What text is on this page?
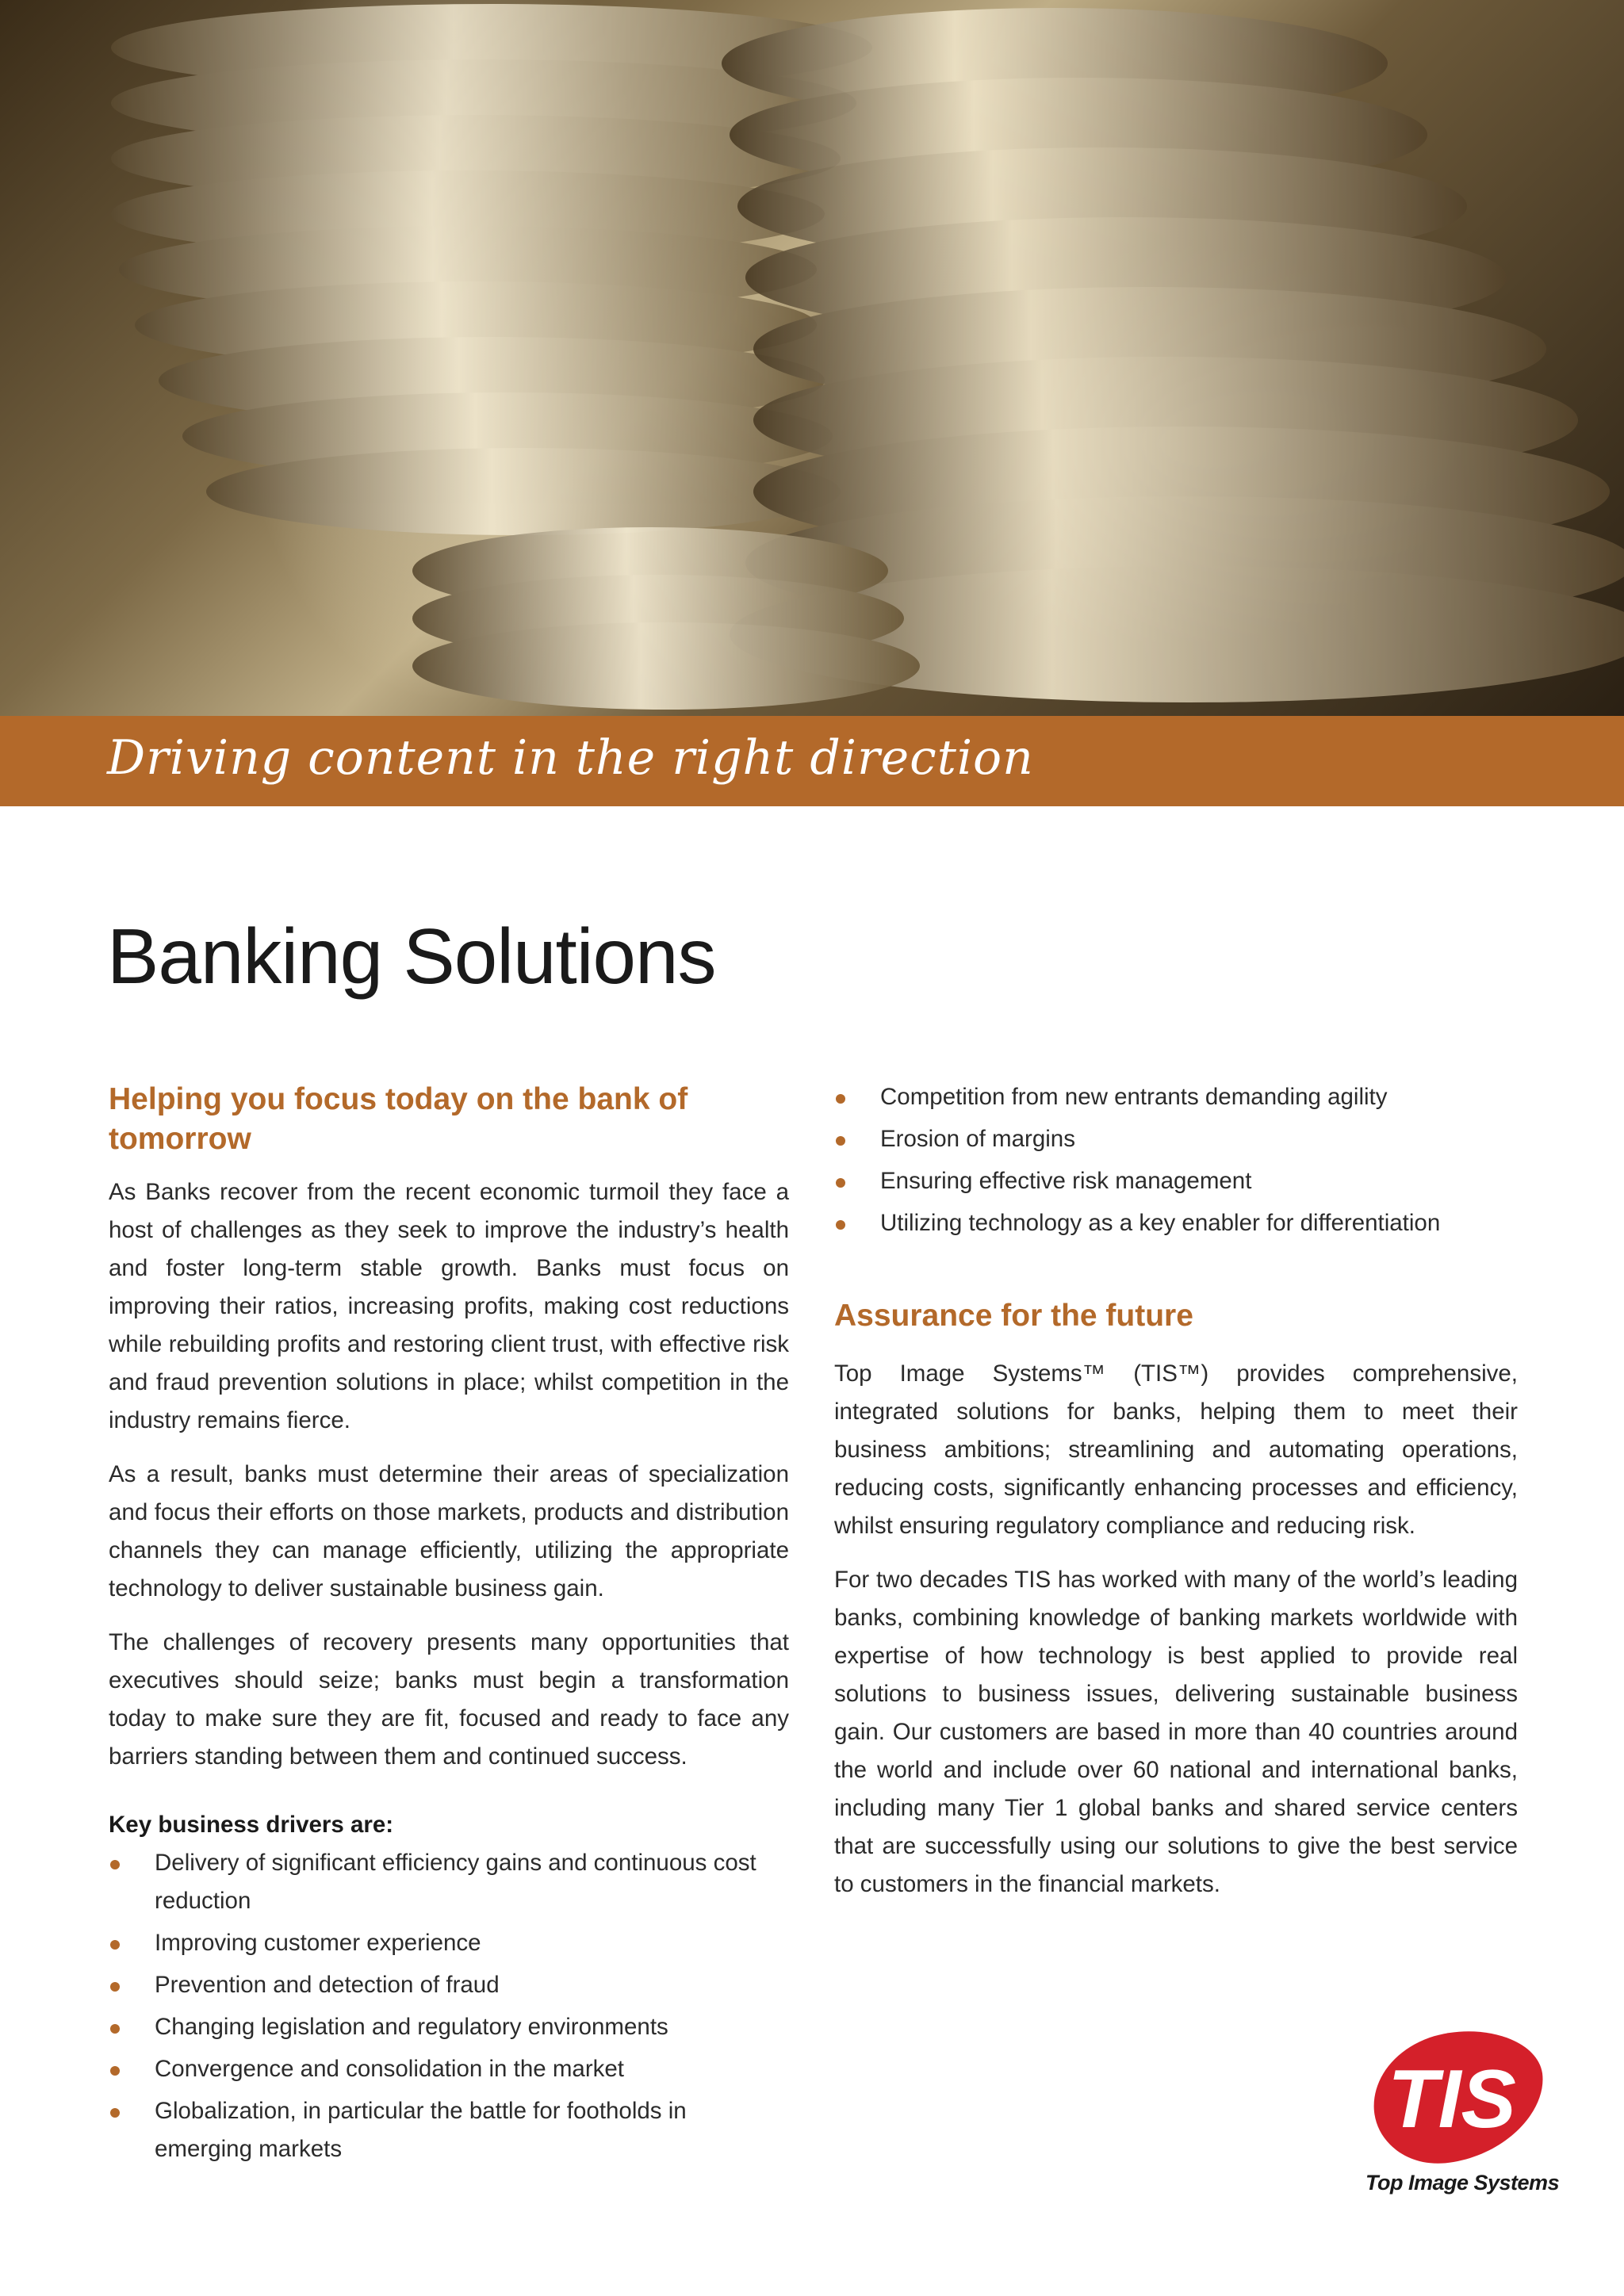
Driving content in the right direction
Banking Solutions
Helping you focus today on the bank of tomorrow

As Banks recover from the recent economic turmoil they face a host of challenges as they seek to improve the industry’s health and foster long-term stable growth. Banks must focus on improving their ratios, increasing profits, making cost reductions while rebuilding profits and restoring client trust, with effective risk and fraud prevention solutions in place; whilst competition in the industry remains fierce.

As a result, banks must determine their areas of specialization and focus their efforts on those markets, products and distribution channels they can manage efficiently, utilizing the appropriate technology to deliver sustainable business gain.

The challenges of recovery presents many opportunities that executives should seize; banks must begin a transformation today to make sure they are fit, focused and ready to face any barriers standing between them and continued success.

Key business drivers are:
Delivery of significant efficiency gains and continuous cost reduction
Improving customer experience
Prevention and detection of fraud
Changing legislation and regulatory environments
Convergence and consolidation in the market
Globalization, in particular the battle for footholds in emerging markets
Competition from new entrants demanding agility
Erosion of margins
Ensuring effective risk management
Utilizing technology as a key enabler for differentiation
Assurance for the future

Top Image Systems™ (TIS™) provides comprehensive, integrated solutions for banks, helping them to meet their business ambitions; streamlining and automating operations, reducing costs, significantly enhancing processes and efficiency, whilst ensuring regulatory compliance and reducing risk.

For two decades TIS has worked with many of the world’s leading banks, combining knowledge of banking markets worldwide with expertise of how technology is best applied to provide real solutions to business issues, delivering sustainable business gain. Our customers are based in more than 40 countries around the world and include over 60 national and international banks, including many Tier 1 global banks and shared service centers that are successfully using our solutions to give the best service to customers in the financial markets.

TIS
Top Image Systems
